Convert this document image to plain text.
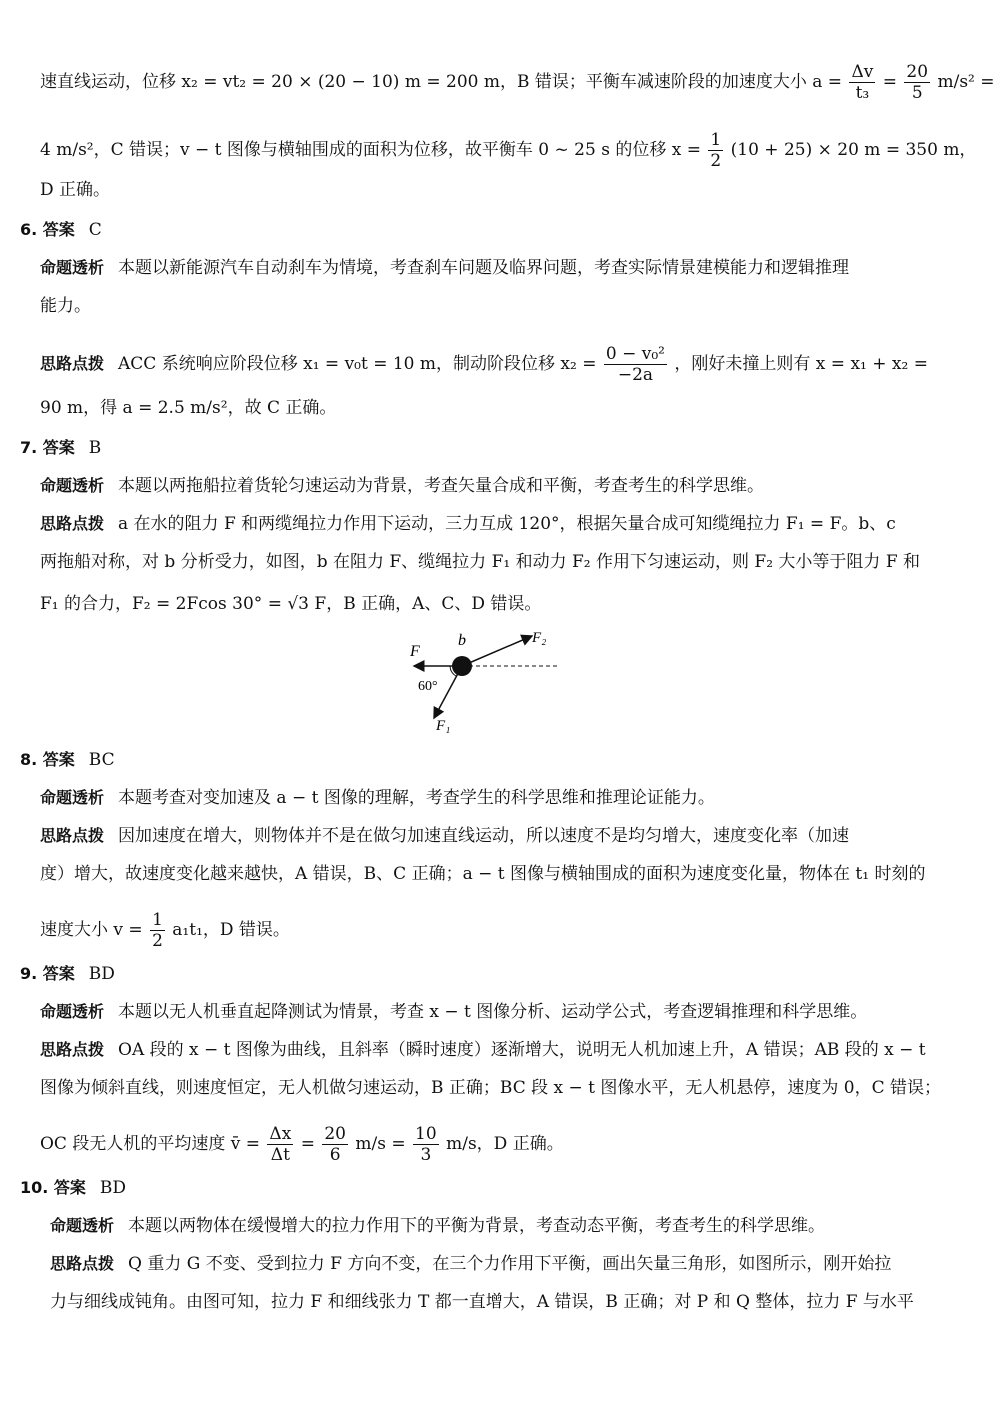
速直线运动，位移 x₂ = vt₂ = 20 × (20 − 10) m = 200 m，B 错误；平衡车减速阶段的加速度大小 $a = \frac{\Delta v}{\text{t₃}} = \frac{20}{5} m/s^2$ =
4 m/s²，C 错误；v − t 图像与横轴围成的面积为位移，故平衡车 0 ~ 25 s 的位移 $x = \frac{1}{2} (10 + 25) \times 20$ m = 350 m，
D 正确。
6. 答案 C
命题透析 本题以新能源汽车自动刹车为情境，考查刹车问题及临界问题，考查实际情景建模能力和逻辑推理
能力。
思路点拨 ACC 系统响应阶段位移 x₁ = v₀t = 10 m，制动阶段位移 $x_2 = \frac{\text{0 − v₀²}}{-2a}$ ，刚好未撞上则有 x = x₁ + x₂ =
90 m，得 a = 2.5 m/s²，故 C 正确。
7. 答案 B
命题透析 本题以两拖船拉着货轮匀速运动为背景，考查矢量合成和平衡，考查考生的科学思维。
思路点拨 a 在水的阻力 F 和两缆绳拉力作用下运动，三力互成 120°，根据矢量合成可知缆绳拉力 F₁ = F。b、c
两拖船对称，对 b 分析受力，如图，b 在阻力 F、缆绳拉力 F₁ 和动力 F₂ 作用下匀速运动，则 F₂ 大小等于阻力 F 和
F₁ 的合力，F₂ = 2Fcos 30° = √3 F，B 正确，A、C、D 错误。
F
b	F₂
F₁
60°
8. 答案 BC
命题透析 本题考查对变加速及 a − t 图像的理解，考查学生的科学思维和推理论证能力。
思路点拨 因加速度在增大，则物体并不是在做匀加速直线运动，所以速度不是均匀增大，速度变化率（加速
度）增大，故速度变化越来越快，A 错误，B、C 正确；a − t 图像与横轴围成的面积为速度变化量，物体在 t₁ 时刻的
速度大小 $v = \frac{1}{2} a_1t_1$，D 错误。
9. 答案 BD
命题透析 本题以无人机垂直起降测试为情景，考查 x − t 图像分析、运动学公式，考查逻辑推理和科学思维。
思路点拨 OA 段的 x − t 图像为曲线，且斜率（瞬时速度）逐渐增大，说明无人机加速上升，A 错误；AB 段的 x − t
图像为倾斜直线，则速度恒定，无人机做匀速运动，B 正确；BC 段 x − t 图像水平，无人机悬停，速度为 0，C 错误；
OC 段无人机的平均速度 v̄ = $\frac{\Delta x}{\Delta t} = \frac{20}{6} m/s = \frac{10}{3} m/s$，D 正确。
10. 答案 BD
命题透析 本题以两物体在缓慢增大的拉力作用下的平衡为背景，考查动态平衡，考查考生的科学思维。
思路点拨 Q 重力 G 不变、受到拉力 F 方向不变，在三个力作用下平衡，画出矢量三角形，如图所示，刚开始拉
力与细线成钝角。由图可知，拉力 F 和细线张力 T 都一直增大，A 错误，B 正确；对 P 和 Q 整体，拉力 F 与水平
